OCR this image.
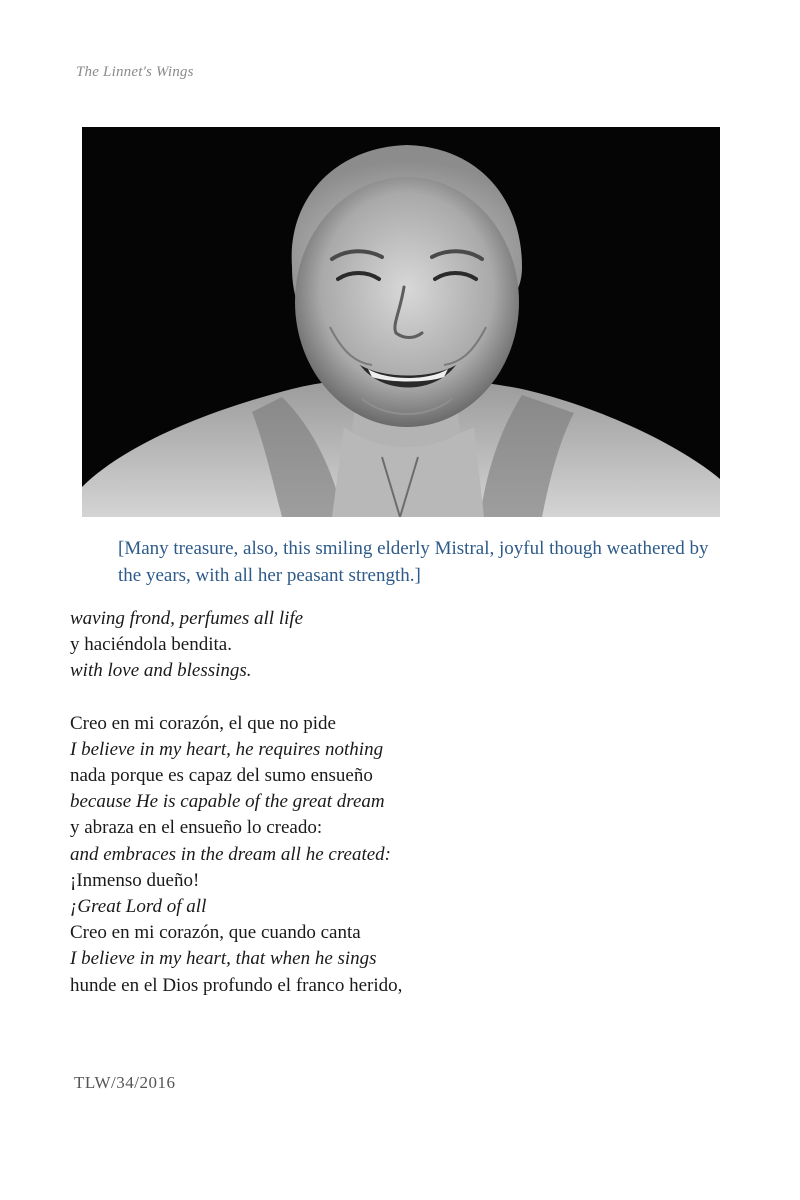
The Linnet's Wings
[Many treasure, also, this smiling elderly Mistral, joyful though weathered by the years, with all her peasant strength.]
waving frond, perfumes all life
y haciéndola bendita.
with love and blessings.
Creo en mi corazón, el que no pide
I believe in my heart, he requires nothing
nada porque es capaz del sumo ensueño
because He is capable of the great dream
y abraza en el ensueño lo creado:
and embraces in the dream all he created:
¡Inmenso dueño!
¡Great Lord of all
Creo en mi corazón, que cuando canta
I believe in my heart, that when he sings
hunde en el Dios profundo el franco herido,
TLW/34/2016
